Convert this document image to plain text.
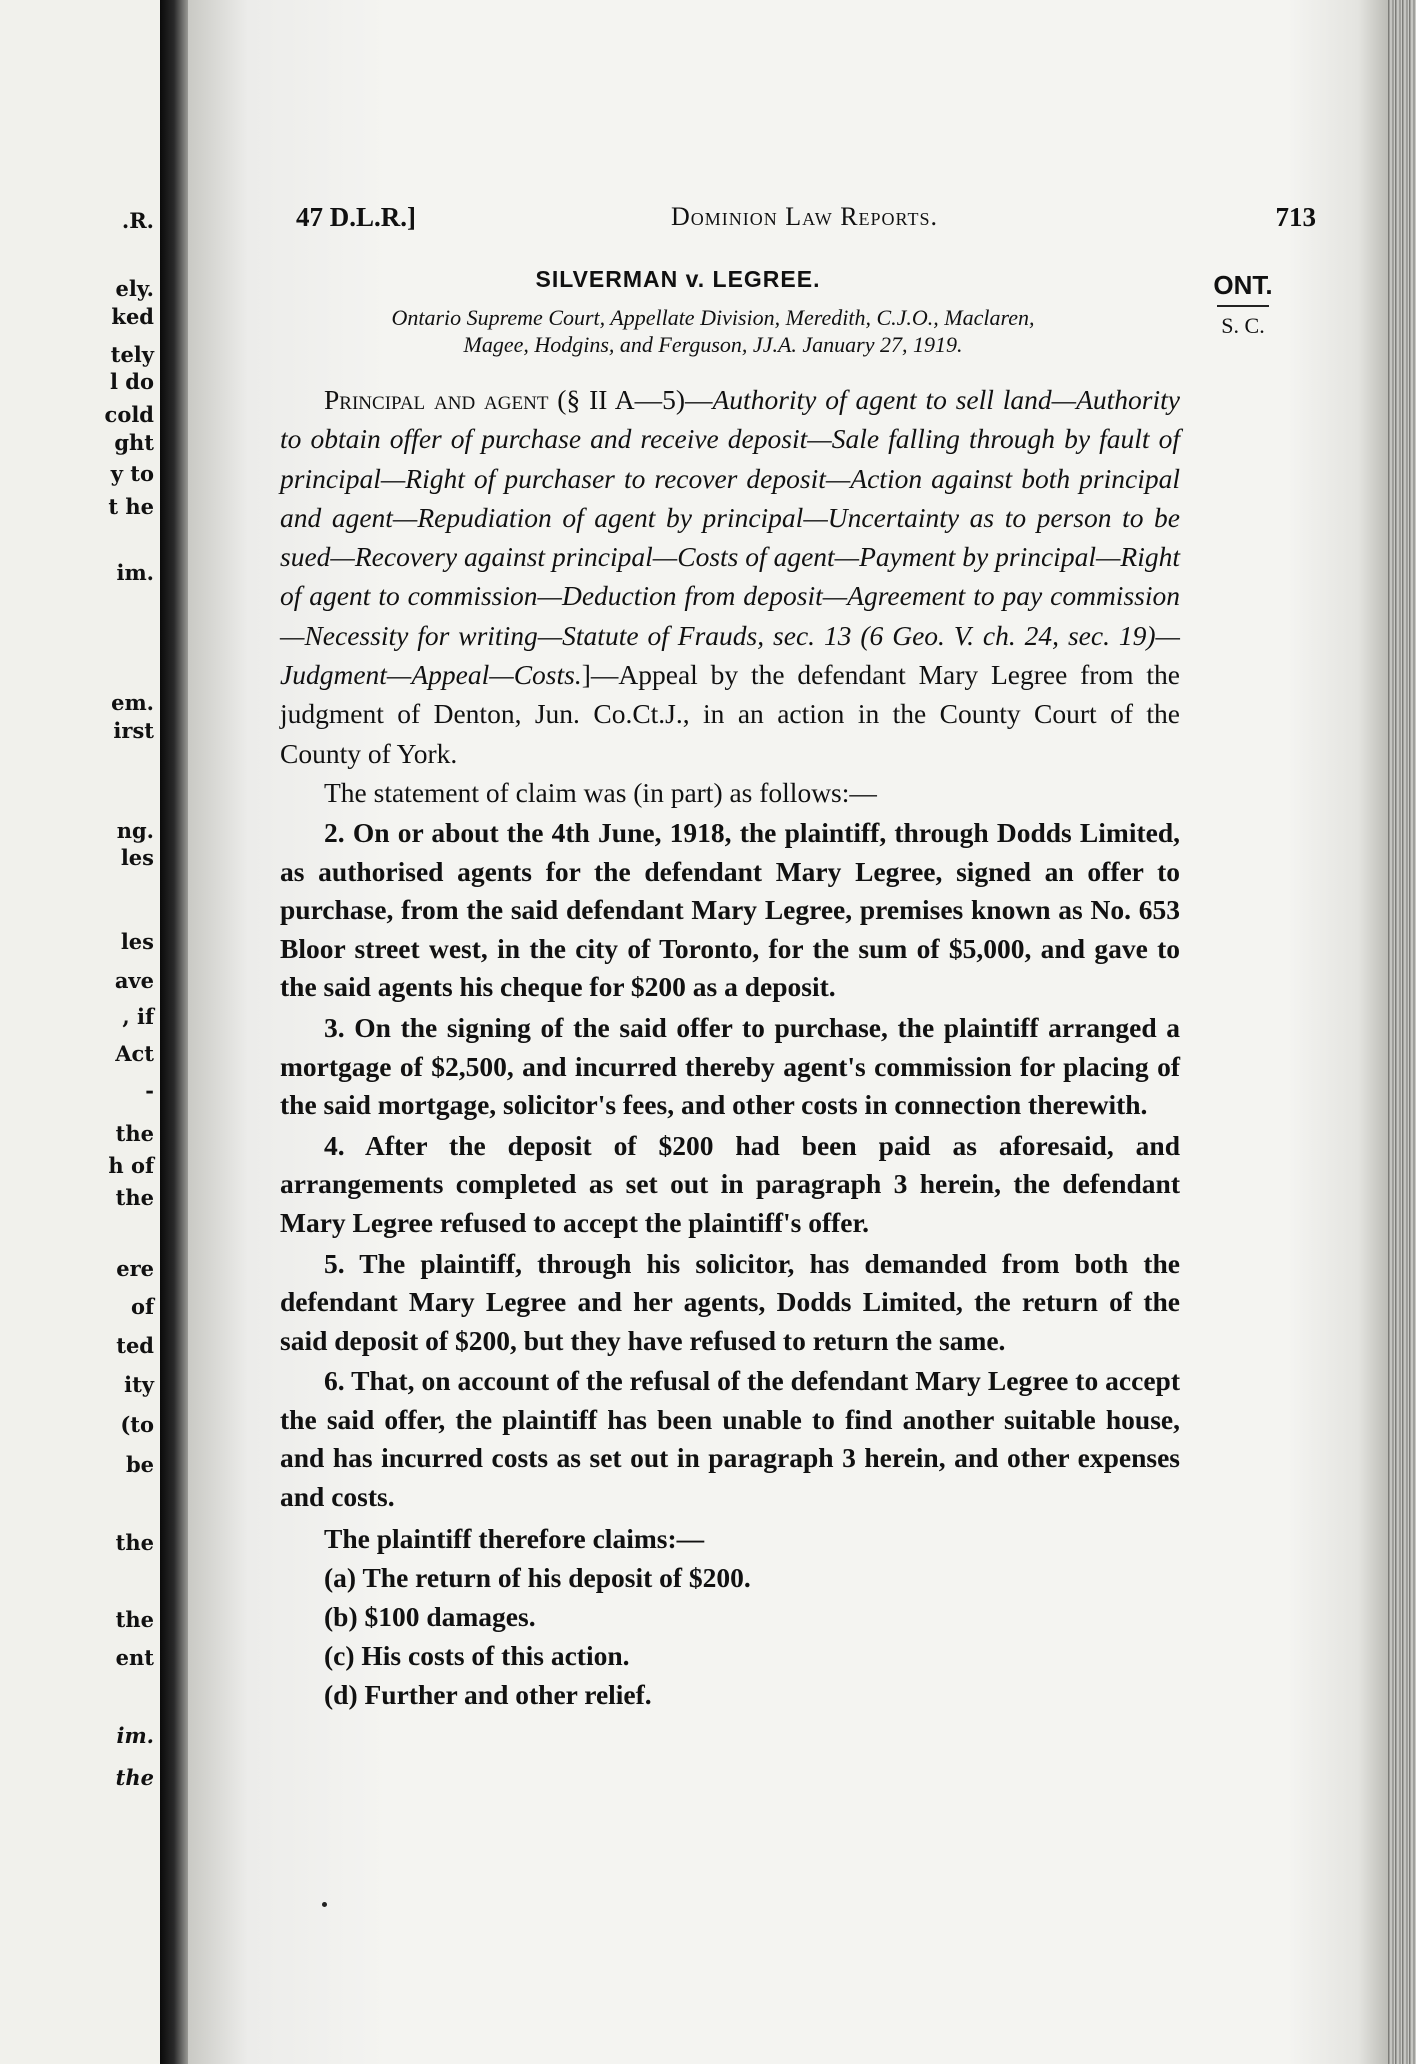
.R.
ely.
ked
tely
l do
cold
ght
y to
t he
im.
em.
irst
ng.
les
les
ave
, if
Act
-
the
h of
the
ere
of
ted
ity
(to
be
the
the
ent
im.
the
47 D.L.R.]	Dominion Law Reports.	713
SILVERMAN v. LEGREE.
Ontario Supreme Court, Appellate Division, Meredith, C.J.O., Maclaren,
Magee, Hodgins, and Ferguson, JJ.A. January 27, 1919.
ONT.
S. C.

Principal and agent (§ II A—5)—Authority of agent to sell land—Authority to obtain offer of purchase and receive deposit—Sale falling through by fault of principal—Right of purchaser to recover deposit—Action against both principal and agent—Repudiation of agent by principal—Uncertainty as to person to be sued—Recovery against principal—Costs of agent—Payment by principal—Right of agent to commission—Deduction from deposit—Agreement to pay commission—Necessity for writing—Statute of Frauds, sec. 13 (6 Geo. V. ch. 24, sec. 19)—Judgment—Appeal—Costs.]—Appeal by the defendant Mary Legree from the judgment of Denton, Jun. Co.Ct.J., in an action in the County Court of the County of York.

The statement of claim was (in part) as follows:—

2. On or about the 4th June, 1918, the plaintiff, through Dodds Limited, as authorised agents for the defendant Mary Legree, signed an offer to purchase, from the said defendant Mary Legree, premises known as No. 653 Bloor street west, in the city of Toronto, for the sum of $5,000, and gave to the said agents his cheque for $200 as a deposit.

3. On the signing of the said offer to purchase, the plaintiff arranged a mortgage of $2,500, and incurred thereby agent's commission for placing of the said mortgage, solicitor's fees, and other costs in connection therewith.

4. After the deposit of $200 had been paid as aforesaid, and arrangements completed as set out in paragraph 3 herein, the defendant Mary Legree refused to accept the plaintiff's offer.

5. The plaintiff, through his solicitor, has demanded from both the defendant Mary Legree and her agents, Dodds Limited, the return of the said deposit of $200, but they have refused to return the same.

6. That, on account of the refusal of the defendant Mary Legree to accept the said offer, the plaintiff has been unable to find another suitable house, and has incurred costs as set out in paragraph 3 herein, and other expenses and costs.

The plaintiff therefore claims:—

(a) The return of his deposit of $200.

(b) $100 damages.

(c) His costs of this action.

(d) Further and other relief.
